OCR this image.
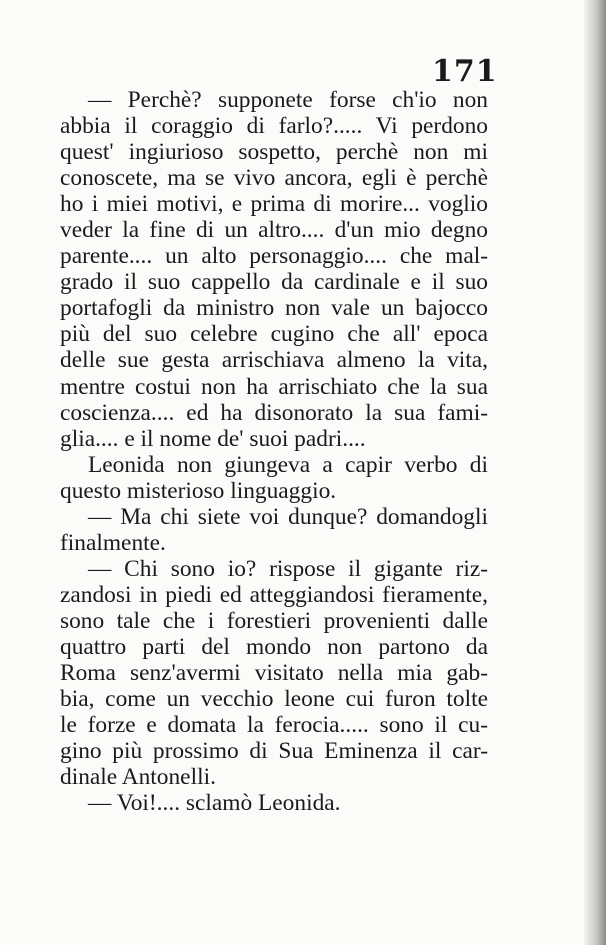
171
— Perchè? supponete forse ch'io non
abbia il coraggio di farlo?..... Vi perdono
quest' ingiurioso sospetto, perchè non mi
conoscete, ma se vivo ancora, egli è perchè
ho i miei motivi, e prima di morire... voglio
veder la fine di un altro.... d'un mio degno
parente.... un alto personaggio.... che mal-
grado il suo cappello da cardinale e il suo
portafogli da ministro non vale un bajocco
più del suo celebre cugino che all' epoca
delle sue gesta arrischiava almeno la vita,
mentre costui non ha arrischiato che la sua
coscienza.... ed ha disonorato la sua fami-
glia.... e il nome de' suoi padri....
Leonida non giungeva a capir verbo di
questo misterioso linguaggio.
— Ma chi siete voi dunque? domandogli
finalmente.
— Chi sono io? rispose il gigante riz-
zandosi in piedi ed atteggiandosi fieramente,
sono tale che i forestieri provenienti dalle
quattro parti del mondo non partono da
Roma senz'avermi visitato nella mia gab-
bia, come un vecchio leone cui furon tolte
le forze e domata la ferocia..... sono il cu-
gino più prossimo di Sua Eminenza il car-
dinale Antonelli.
— Voi!.... sclamò Leonida.
